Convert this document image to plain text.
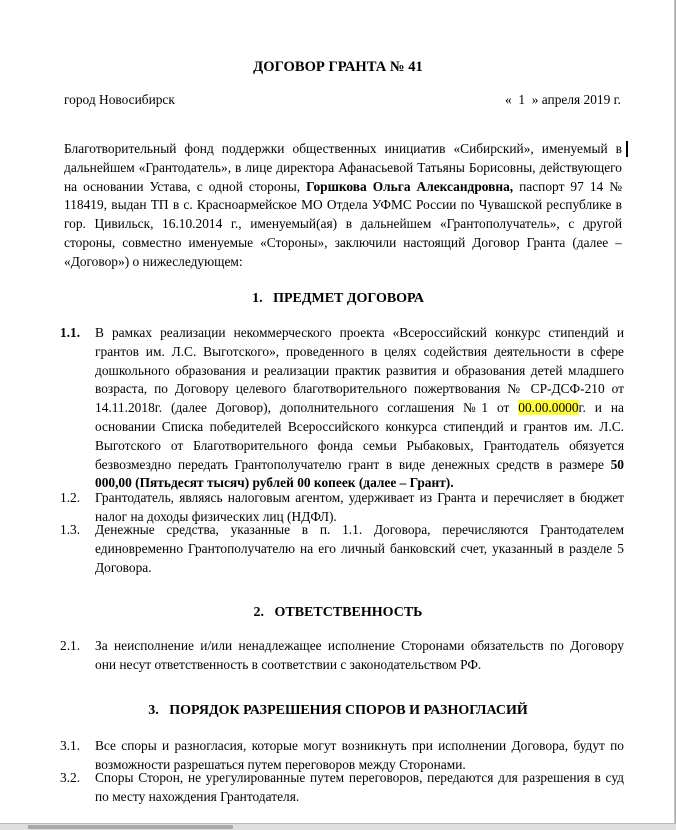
ДОГОВОР ГРАНТА № 41
город Новосибирск	«  1  » апреля 2019 г.
Благотворительный фонд поддержки общественных инициатив «Сибирский», именуемый в дальнейшем «Грантодатель», в лице директора Афанасьевой Татьяны Борисовны, действующего на основании Устава, с одной стороны, Горшкова Ольга Александровна, паспорт 97 14 № 118419, выдан ТП в с. Красноармейское МО Отдела УФМС России по Чувашской республике в гор. Цивильск, 16.10.2014 г., именуемый(ая) в дальнейшем «Грантополучатель», с другой стороны, совместно именуемые «Стороны», заключили настоящий Договор Гранта (далее – «Договор») о нижеследующем:
1.   ПРЕДМЕТ ДОГОВОРА
1.1. В рамках реализации некоммерческого проекта «Всероссийский конкурс стипендий и грантов им. Л.С. Выготского», проведенного в целях содействия деятельности в сфере дошкольного образования и реализации практик развития и образования детей младшего возраста, по Договору целевого благотворительного пожертвования № СР-ДСФ-210 от 14.11.2018г. (далее Договор), дополнительного соглашения №1 от 00.00.0000г. и на основании Списка победителей Всероссийского конкурса стипендий и грантов им. Л.С. Выготского от Благотворительного фонда семьи Рыбаковых, Грантодатель обязуется безвозмездно передать Грантополучателю грант в виде денежных средств в размере 50 000,00 (Пятьдесят тысяч) рублей 00 копеек (далее – Грант).
1.2. Грантодатель, являясь налоговым агентом, удерживает из Гранта и перечисляет в бюджет налог на доходы физических лиц (НДФЛ).
1.3. Денежные средства, указанные в п. 1.1. Договора, перечисляются Грантодателем единовременно Грантополучателю на его личный банковский счет, указанный в разделе 5 Договора.
2.   ОТВЕТСТВЕННОСТЬ
2.1. За неисполнение и/или ненадлежащее исполнение Сторонами обязательств по Договору они несут ответственность в соответствии с законодательством РФ.
3.   ПОРЯДОК РАЗРЕШЕНИЯ СПОРОВ И РАЗНОГЛАСИЙ
3.1. Все споры и разногласия, которые могут возникнуть при исполнении Договора, будут по возможности разрешаться путем переговоров между Сторонами.
3.2. Споры Сторон, не урегулированные путем переговоров, передаются для разрешения в суд по месту нахождения Грантодателя.
